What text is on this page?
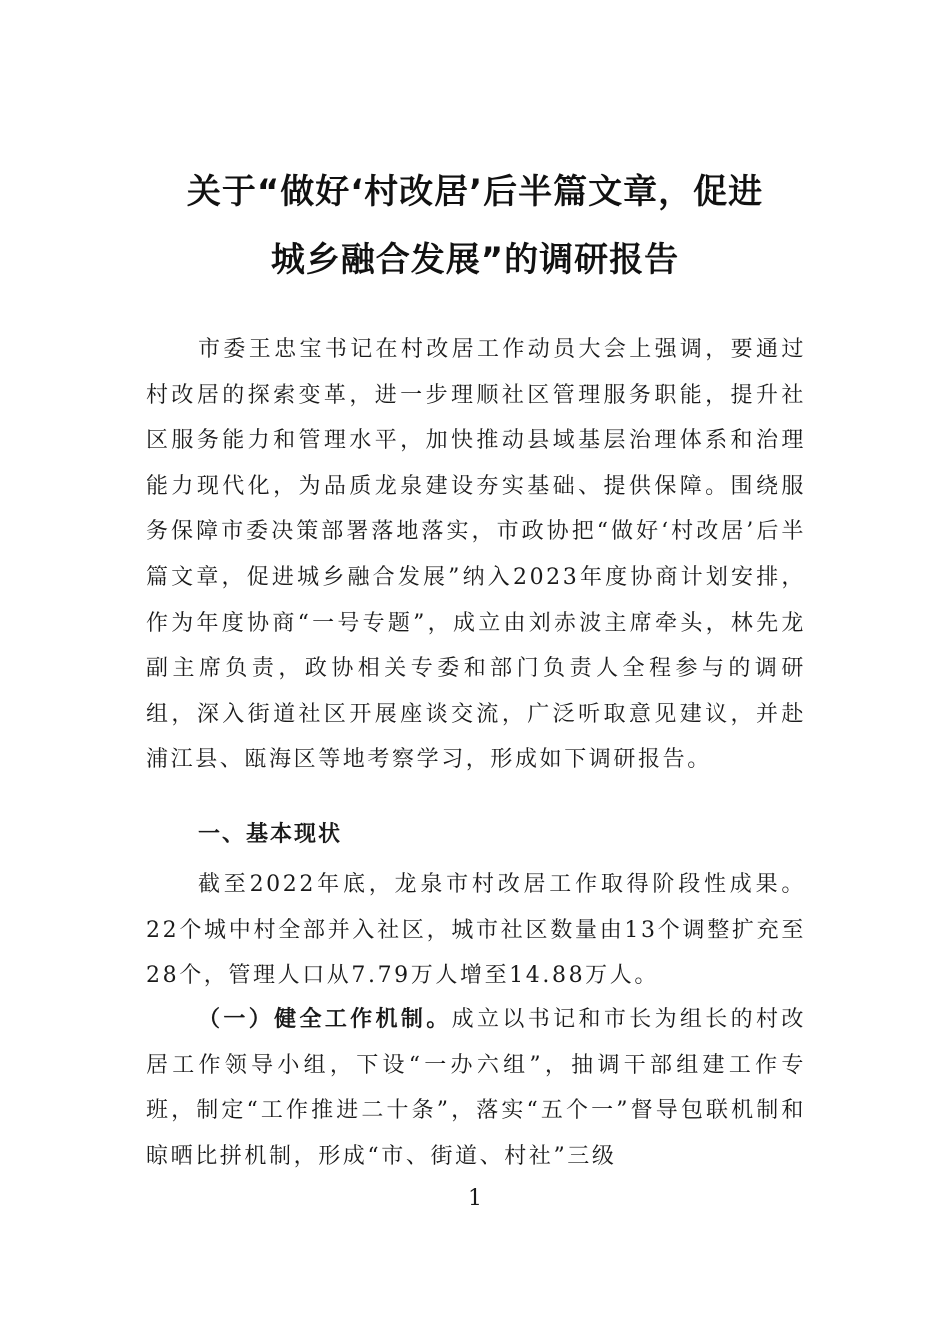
关于“做好‘村改居’后半篇文章，促进
城乡融合发展”的调研报告

市委王忠宝书记在村改居工作动员大会上强调，要通过村改居的探索变革，进一步理顺社区管理服务职能，提升社区服务能力和管理水平，加快推动县域基层治理体系和治理能力现代化，为品质龙泉建设夯实基础、提供保障。围绕服务保障市委决策部署落地落实，市政协把“做好‘村改居’后半篇文章，促进城乡融合发展”纳入2023年度协商计划安排，作为年度协商“一号专题”，成立由刘赤波主席牵头，林先龙副主席负责，政协相关专委和部门负责人全程参与的调研组，深入街道社区开展座谈交流，广泛听取意见建议，并赴浦江县、瓯海区等地考察学习，形成如下调研报告。

一、基本现状

截至2022年底，龙泉市村改居工作取得阶段性成果。22个城中村全部并入社区，城市社区数量由13个调整扩充至28个，管理人口从7.79万人增至14.88万人。

（一）健全工作机制。成立以书记和市长为组长的村改居工作领导小组，下设“一办六组”，抽调干部组建工作专班，制定“工作推进二十条”，落实“五个一”督导包联机制和晾晒比拼机制，形成“市、街道、村社”三级

1
